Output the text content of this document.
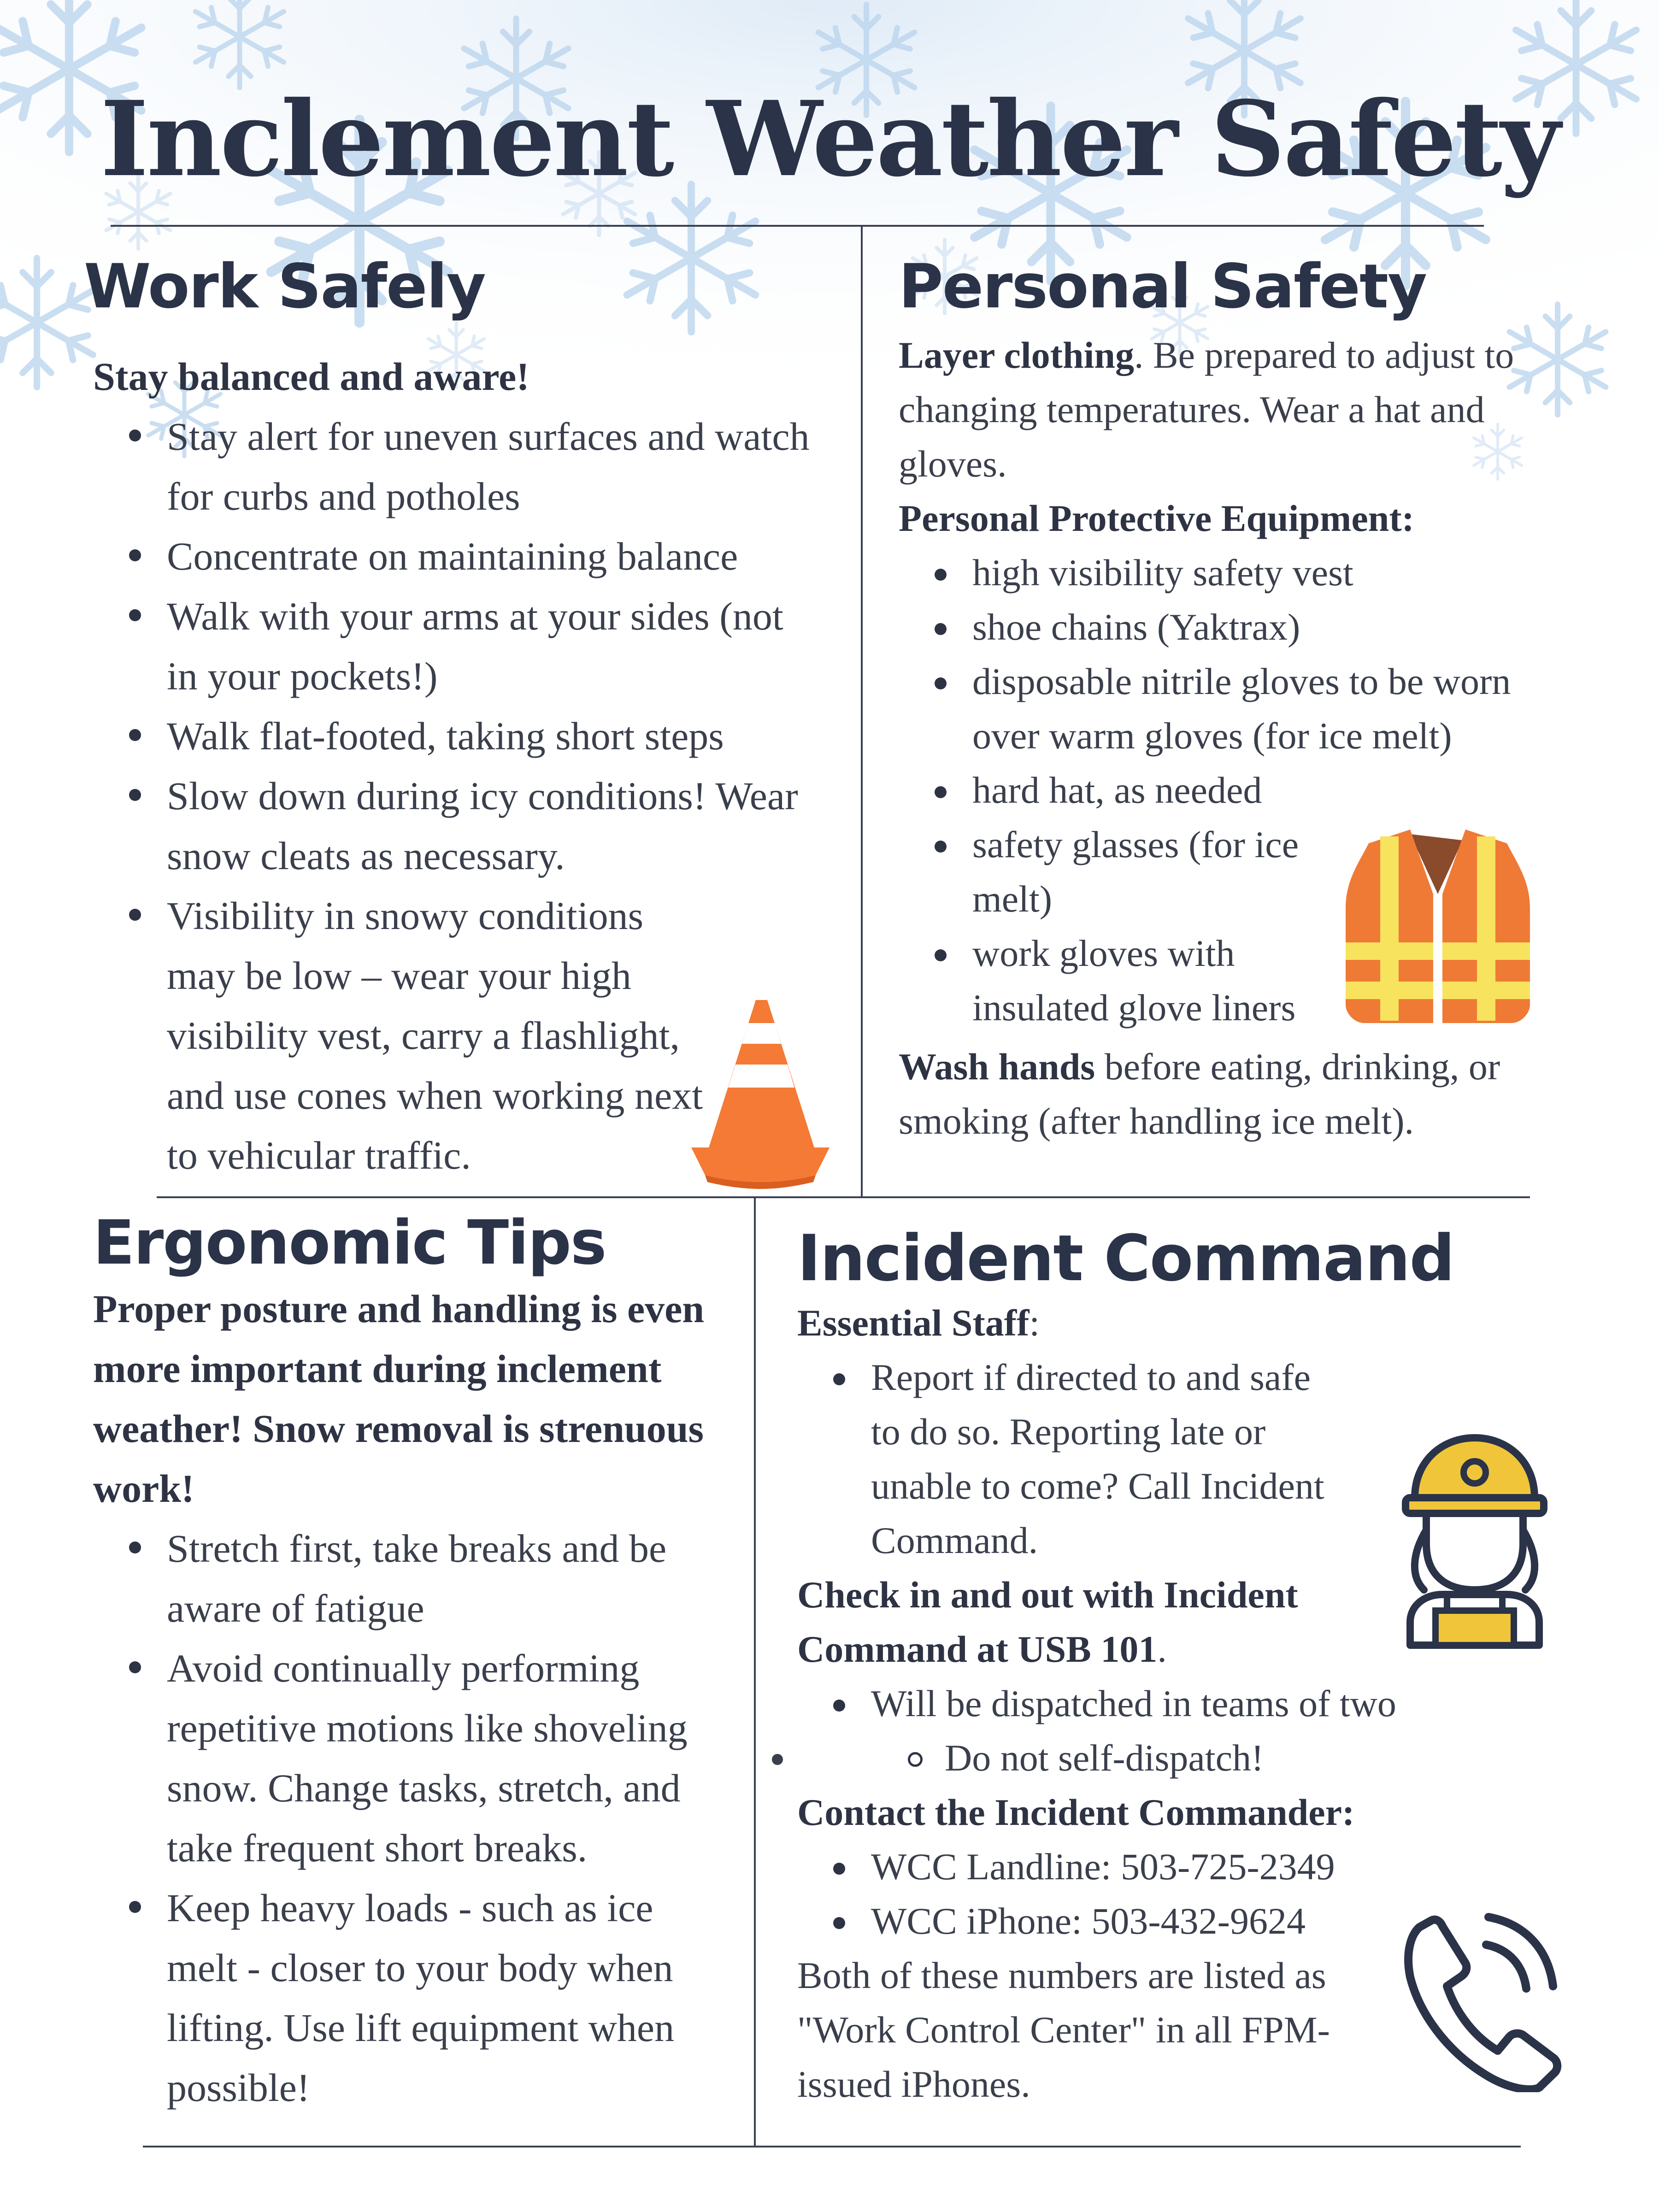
Inclement Weather Safety
Work Safely
Stay balanced and aware!
Stay alert for uneven surfaces and watch for curbs and potholes
Concentrate on maintaining balance
Walk with your arms at your sides (not in your pockets!)
Walk flat-footed, taking short steps
Slow down during icy conditions! Wear snow cleats as necessary.
Visibility in snowy conditions may be low – wear your high visibility vest, carry a flashlight, and use cones when working next to vehicular traffic.
Personal Safety
Layer clothing. Be prepared to adjust to changing temperatures. Wear a hat and gloves.
Personal Protective Equipment:
high visibility safety vest
shoe chains (Yaktrax)
disposable nitrile gloves to be worn over warm gloves (for ice melt)
hard hat, as needed
safety glasses (for ice melt)
work gloves with insulated glove liners
Wash hands before eating, drinking, or smoking (after handling ice melt).
Ergonomic Tips
Proper posture and handling is even more important during inclement weather! Snow removal is strenuous work!
Stretch first, take breaks and be aware of fatigue
Avoid continually performing repetitive motions like shoveling snow. Change tasks, stretch, and take frequent short breaks.
Keep heavy loads - such as ice melt - closer to your body when lifting. Use lift equipment when possible!
Incident Command
Essential Staff:
Report if directed to and safe to do so. Reporting late or unable to come? Call Incident Command.
Check in and out with Incident Command at USB 101.
Will be dispatched in teams of two
• Do not self-dispatch!
Contact the Incident Commander:
WCC Landline: 503-725-2349
WCC iPhone: 503-432-9624
Both of these numbers are listed as "Work Control Center" in all FPM-issued iPhones.
